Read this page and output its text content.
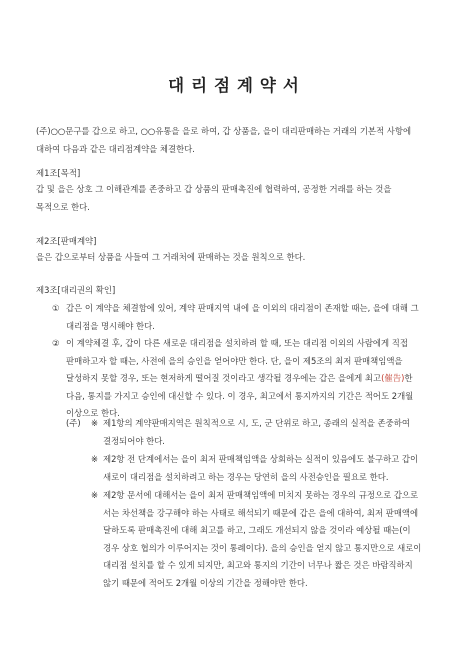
대리점계약서
(주)○○문구를 갑으로 하고, ○○유통을 을로 하여, 갑 상품을, 을이 대리판매하는 거래의 기본적 사항에
대하여 다음과 같은 대리점계약을 체결한다.
제1조[목적]
갑 및 을은 상호 그 이해관계를 존중하고 갑 상품의 판매촉진에 협력하여, 공정한 거래를 하는 것을
목적으로 한다.
제2조[판매계약]
을은 갑으로부터 상품을 사들여 그 거래처에 판매하는 것을 원칙으로 한다.
제3조[대리권의 확인]
① 갑은 이 계약을 체결함에 있어, 계약 판매지역 내에 을 이외의 대리점이 존재할 때는, 을에 대해 그
대리점을 명시해야 한다.
② 이 계약체결 후, 갑이 다른 새로운 대리점을 설치하려 할 때, 또는 대리점 이외의 사람에게 직접
판매하고자 할 때는, 사전에 을의 승인을 얻어야만 한다. 단, 을이 제5조의 최저 판매책임액을
달성하지 못할 경우, 또는 현저하게 떨어질 것이라고 생각될 경우에는 갑은 을에게 최고(催告)한
다음, 통지를 가지고 승인에 대신할 수 있다. 이 경우, 최고에서 통지까지의 기간은 적어도 2개월
이상으로 한다.
(주) ※ 제1항의 계약판매지역은 원칙적으로 시, 도, 군 단위로 하고, 종래의 실적을 존중하여
결정되어야 한다.
※ 제2항 전 단계에서는 을이 최저 판매책임액을 상회하는 실적이 있음에도 불구하고 갑이
새로이 대리점을 설치하려고 하는 경우는 당연히 을의 사전승인을 필요로 한다.
※ 제2항 문서에 대해서는 을이 최저 판매책임액에 미치지 못하는 경우의 규정으로 갑으로
서는 차선책을 강구해야 하는 사태로 해석되기 때문에 갑은 을에 대하여, 최저 판매액에
달하도록 판매촉진에 대해 최고를 하고, 그래도 개선되지 않을 것이라 예상될 때는(이
경우 상호 협의가 이루어지는 것이 통례이다). 을의 승인을 얻지 않고 통지만으로 새로이
대리점 설치를 할 수 있게 되지만, 최고와 통지의 기간이 너무나 짧은 것은 바람직하지
않기 때문에 적어도 2개월 이상의 기간을 정해야만 한다.
